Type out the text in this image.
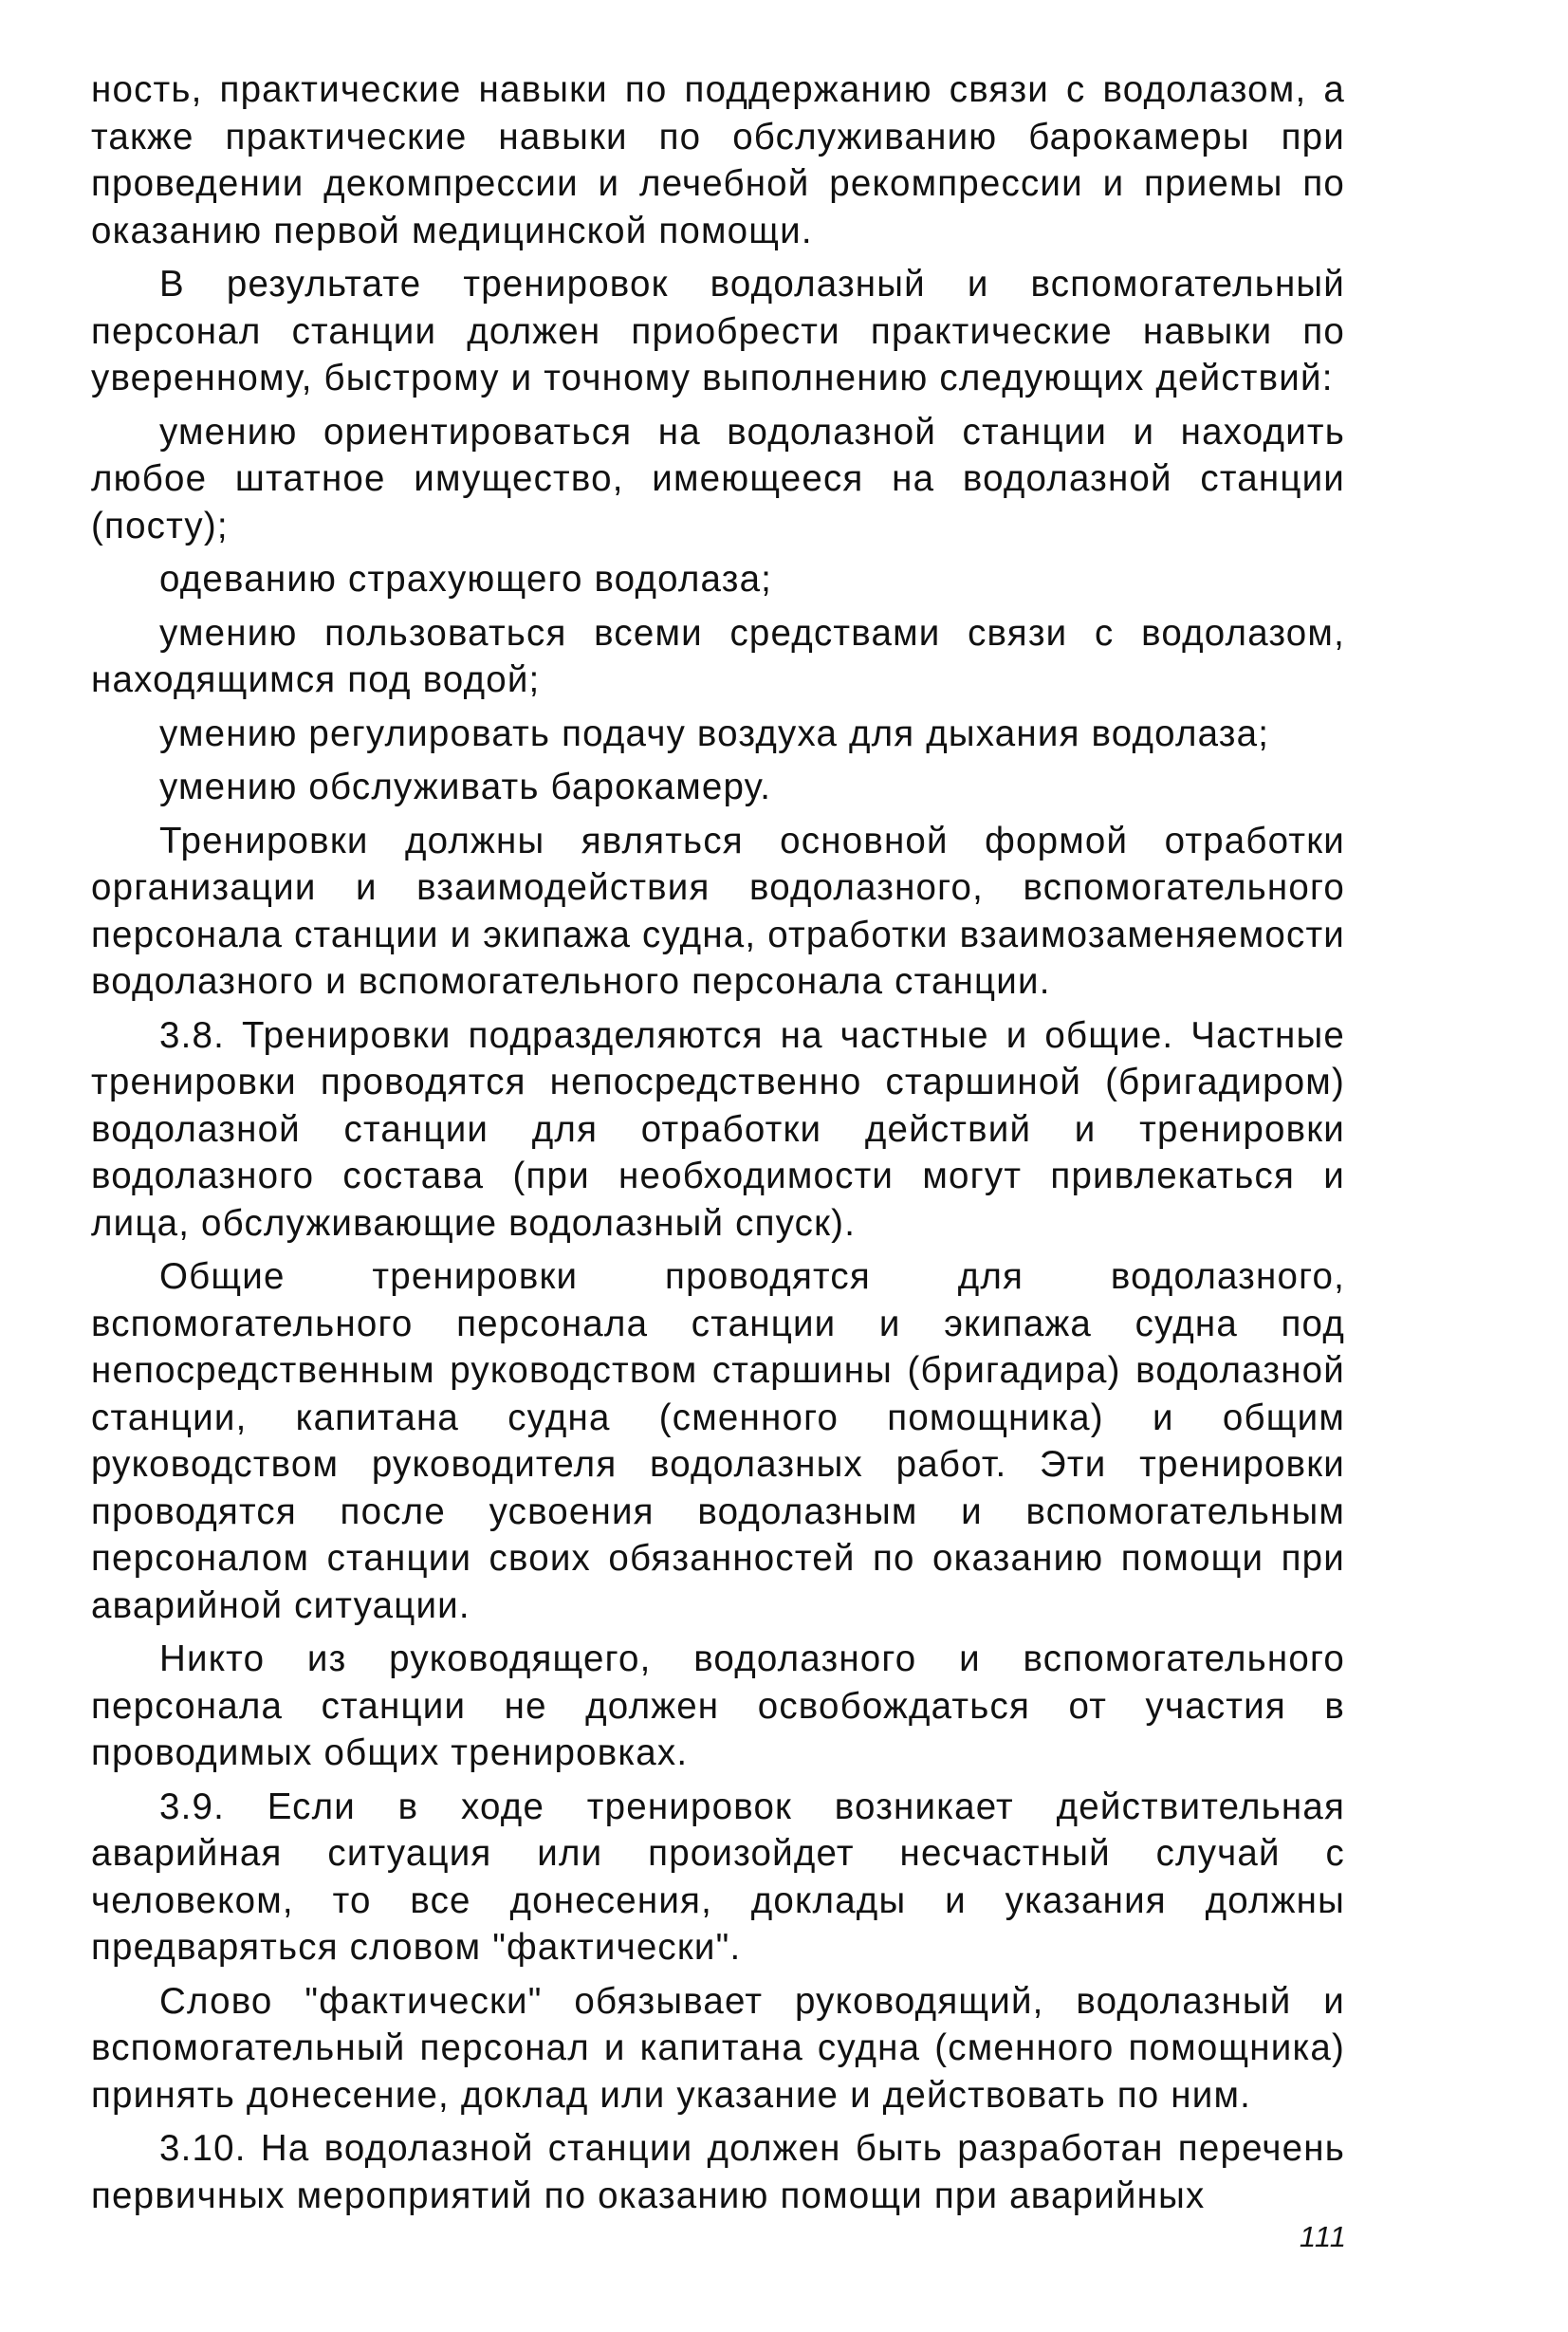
ность, практические навыки по поддержанию связи с водолазом, а также практические навыки по обслуживанию барокамеры при проведении декомпрессии и лечебной рекомпрессии и приемы по оказанию первой медицинской помощи.

В результате тренировок водолазный и вспомогательный персонал станции должен приобрести практические навыки по уверенному, быстрому и точному выполнению следующих действий:

умению ориентироваться на водолазной станции и находить любое штатное имущество, имеющееся на водолазной станции (посту);

одеванию страхующего водолаза;

умению пользоваться всеми средствами связи с водолазом, находящимся под водой;

умению регулировать подачу воздуха для дыхания водолаза;

умению обслуживать барокамеру.

Тренировки должны являться основной формой отработки организации и взаимодействия водолазного, вспомогательного персонала станции и экипажа судна, отработки взаимозаменяемости водолазного и вспомогательного персонала станции.

3.8. Тренировки подразделяются на частные и общие. Частные тренировки проводятся непосредственно старшиной (бригадиром) водолазной станции для отработки действий и тренировки водолазного состава (при необходимости могут привлекаться и лица, обслуживающие водолазный спуск).

Общие тренировки проводятся для водолазного, вспомогательного персонала станции и экипажа судна под непосредственным руководством старшины (бригадира) водолазной станции, капитана судна (сменного помощника) и общим руководством руководителя водолазных работ. Эти тренировки проводятся после усвоения водолазным и вспомогательным персоналом станции своих обязанностей по оказанию помощи при аварийной ситуации.

Никто из руководящего, водолазного и вспомогательного персонала станции не должен освобождаться от участия в проводимых общих тренировках.

3.9. Если в ходе тренировок возникает действительная аварийная ситуация или произойдет несчастный случай с человеком, то все донесения, доклады и указания должны предваряться словом "фактически".

Слово "фактически" обязывает руководящий, водолазный и вспомогательный персонал и капитана судна (сменного помощника) принять донесение, доклад или указание и действовать по ним.

3.10. На водолазной станции должен быть разработан перечень первичных мероприятий по оказанию помощи при аварийных

111
